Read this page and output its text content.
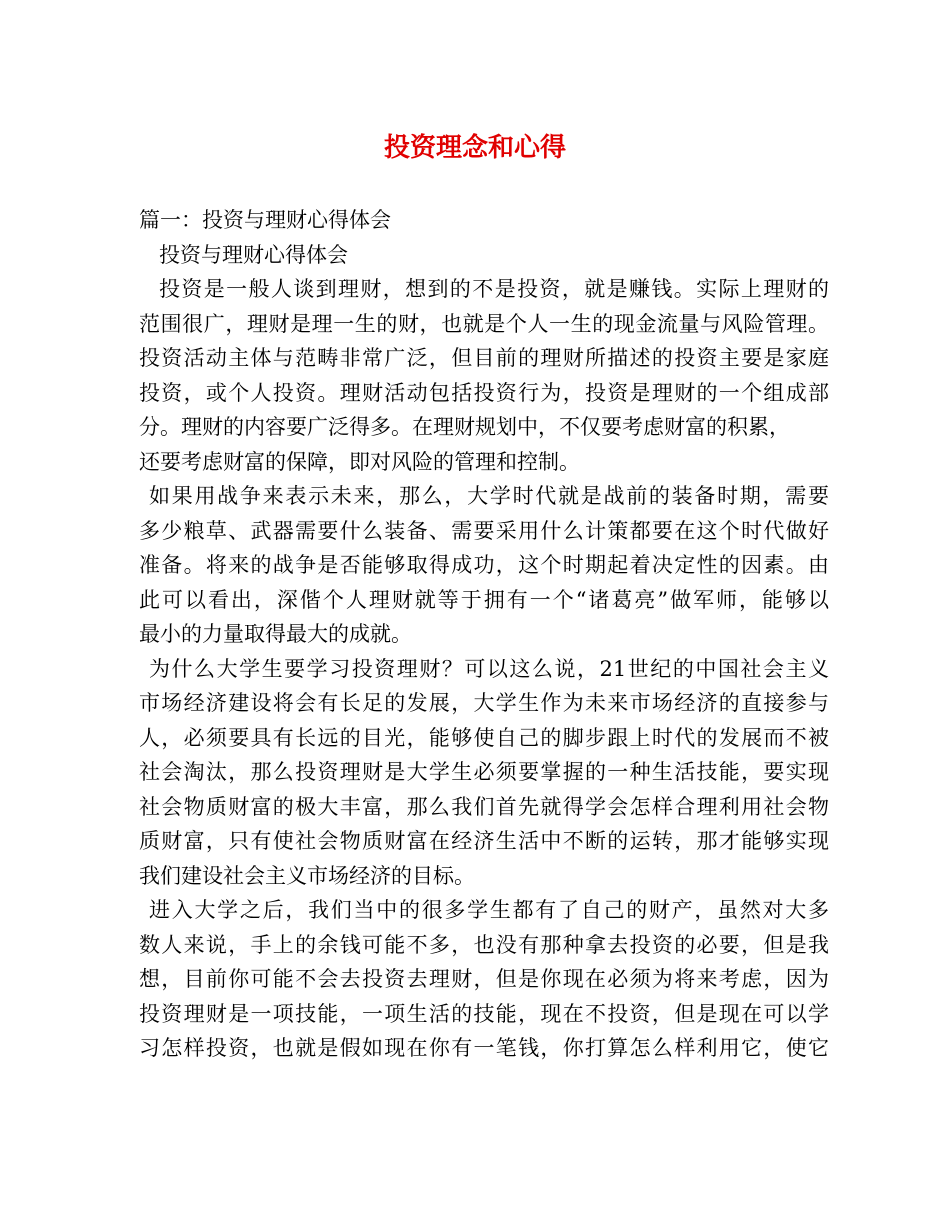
投资理念和心得
篇一：投资与理财心得体会
投资与理财心得体会
投资是一般人谈到理财，想到的不是投资，就是赚钱。实际上理财的
范围很广，理财是理一生的财，也就是个人一生的现金流量与风险管理。
投资活动主体与范畴非常广泛，但目前的理财所描述的投资主要是家庭
投资，或个人投资。理财活动包括投资行为，投资是理财的一个组成部
分。理财的内容要广泛得多。在理财规划中，不仅要考虑财富的积累，
还要考虑财富的保障，即对风险的管理和控制。
如果用战争来表示未来，那么，大学时代就是战前的装备时期，需要
多少粮草、武器需要什么装备、需要采用什么计策都要在这个时代做好
准备。将来的战争是否能够取得成功，这个时期起着决定性的因素。由
此可以看出，深偕个人理财就等于拥有一个“诸葛亮”做军师，能够以
最小的力量取得最大的成就。
为什么大学生要学习投资理财？可以这么说，21世纪的中国社会主义
市场经济建设将会有长足的发展，大学生作为未来市场经济的直接参与
人，必须要具有长远的目光，能够使自己的脚步跟上时代的发展而不被
社会淘汰，那么投资理财是大学生必须要掌握的一种生活技能，要实现
社会物质财富的极大丰富，那么我们首先就得学会怎样合理利用社会物
质财富，只有使社会物质财富在经济生活中不断的运转，那才能够实现
我们建设社会主义市场经济的目标。
进入大学之后，我们当中的很多学生都有了自己的财产，虽然对大多
数人来说，手上的余钱可能不多，也没有那种拿去投资的必要，但是我
想，目前你可能不会去投资去理财，但是你现在必须为将来考虑，因为
投资理财是一项技能，一项生活的技能，现在不投资，但是现在可以学
习怎样投资，也就是假如现在你有一笔钱，你打算怎么样利用它，使它
